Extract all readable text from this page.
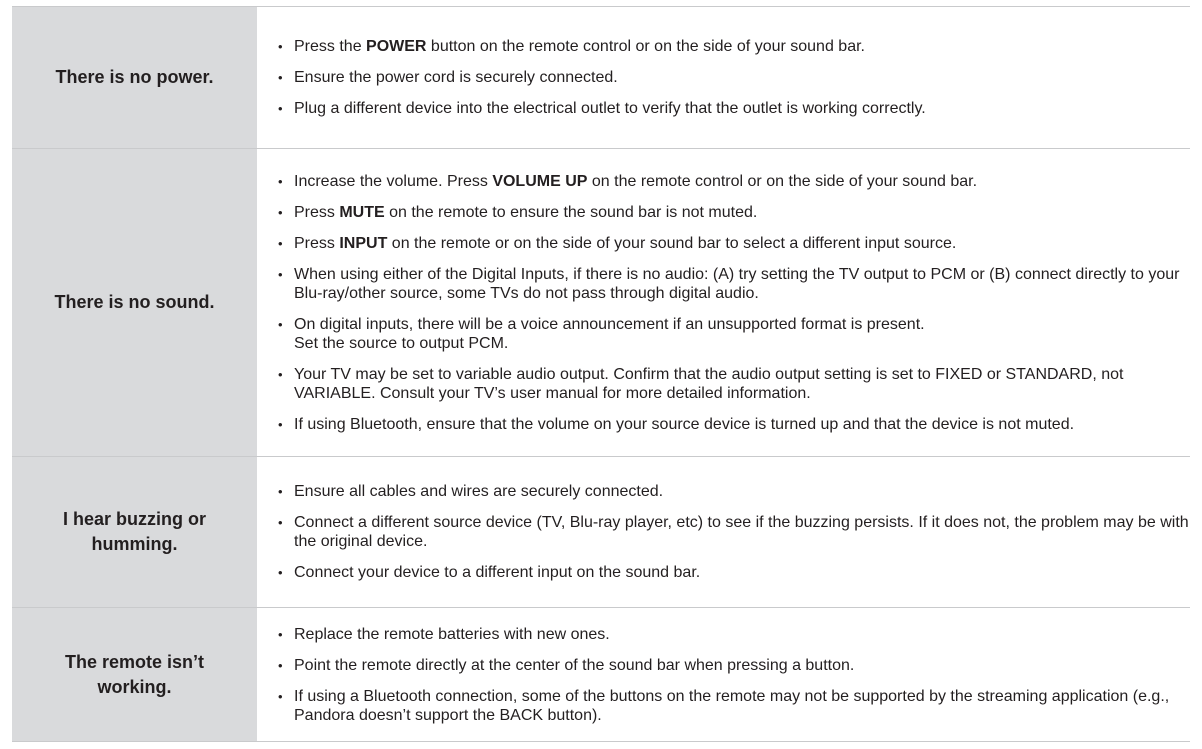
There is no power.
• Press the POWER button on the remote control or on the side of your sound bar.
• Ensure the power cord is securely connected.
• Plug a different device into the electrical outlet to verify that the outlet is working correctly.
There is no sound.
• Increase the volume. Press VOLUME UP on the remote control or on the side of your sound bar.
• Press MUTE on the remote to ensure the sound bar is not muted.
• Press INPUT on the remote or on the side of your sound bar to select a different input source.
• When using either of the Digital Inputs, if there is no audio: (A) try setting the TV output to PCM or (B) connect directly to your Blu-ray/other source, some TVs do not pass through digital audio.
• On digital inputs, there will be a voice announcement if an unsupported format is present.
Set the source to output PCM.
• Your TV may be set to variable audio output. Confirm that the audio output setting is set to FIXED or STANDARD, not VARIABLE. Consult your TV’s user manual for more detailed information.
• If using Bluetooth, ensure that the volume on your source device is turned up and that the device is not muted.
I hear buzzing or humming.
• Ensure all cables and wires are securely connected.
• Connect a different source device (TV, Blu-ray player, etc) to see if the buzzing persists. If it does not, the problem may be with the original device.
• Connect your device to a different input on the sound bar.
The remote isn’t working.
• Replace the remote batteries with new ones.
• Point the remote directly at the center of the sound bar when pressing a button.
• If using a Bluetooth connection, some of the buttons on the remote may not be supported by the streaming application (e.g., Pandora doesn’t support the BACK button).
